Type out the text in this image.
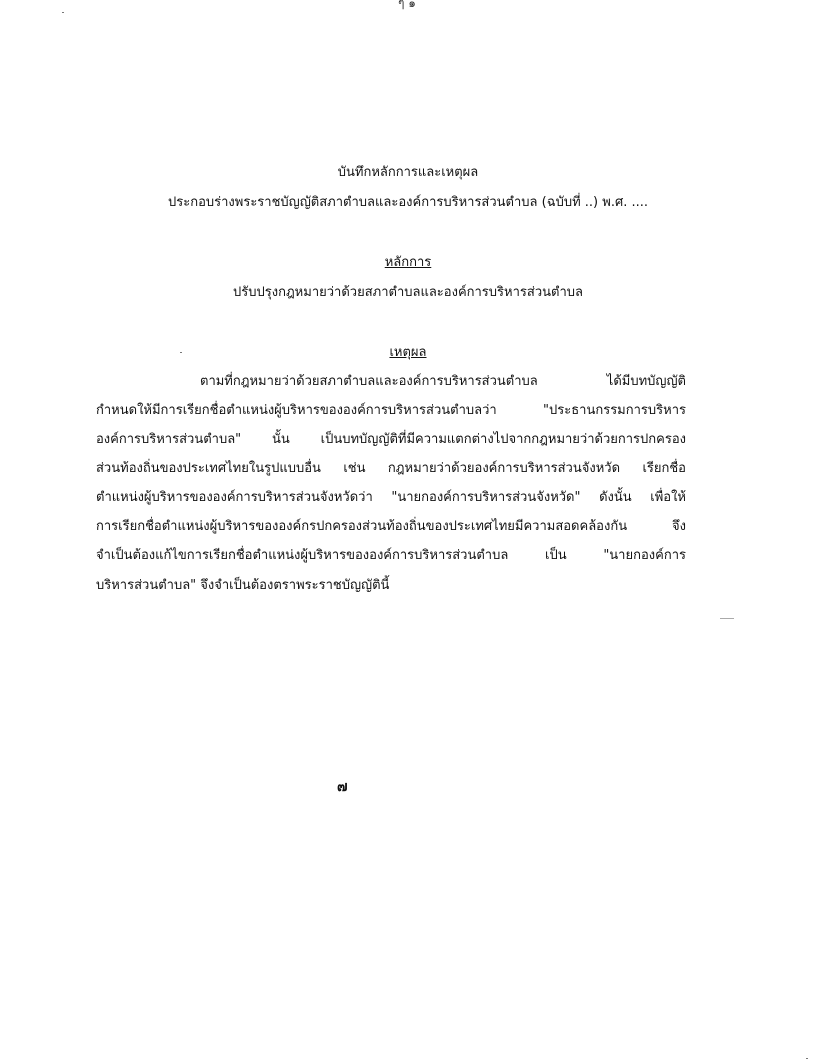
ๆ ๑
บันทึกหลักการและเหตุผล
ประกอบร่างพระราชบัญญัติสภาตำบลและองค์การบริหารส่วนตำบล (ฉบับที่ ..) พ.ศ. ....
หลักการ
ปรับปรุงกฎหมายว่าด้วยสภาตำบลและองค์การบริหารส่วนตำบล
เหตุผล
ตามที่กฎหมายว่าด้วยสภาตำบลและองค์การบริหารส่วนตำบล	ได้มีบทบัญญัติ
กำหนดให้มีการเรียกชื่อตำแหน่งผู้บริหารขององค์การบริหารส่วนตำบลว่า	"ประธานกรรมการบริหาร
องค์การบริหารส่วนตำบล" นั้น เป็นบทบัญญัติที่มีความแตกต่างไปจากกฎหมายว่าด้วยการปกครอง
ส่วนท้องถิ่นของประเทศไทยในรูปแบบอื่น เช่น กฎหมายว่าด้วยองค์การบริหารส่วนจังหวัด เรียกชื่อ
ตำแหน่งผู้บริหารขององค์การบริหารส่วนจังหวัดว่า "นายกองค์การบริหารส่วนจังหวัด" ดังนั้น เพื่อให้
การเรียกชื่อตำแหน่งผู้บริหารขององค์กรปกครองส่วนท้องถิ่นของประเทศไทยมีความสอดคล้องกัน	จึง
จำเป็นต้องแก้ไขการเรียกชื่อตำแหน่งผู้บริหารขององค์การบริหารส่วนตำบล	เป็น	"นายกองค์การ
บริหารส่วนตำบล" จึงจำเป็นต้องตราพระราชบัญญัตินี้
๗
